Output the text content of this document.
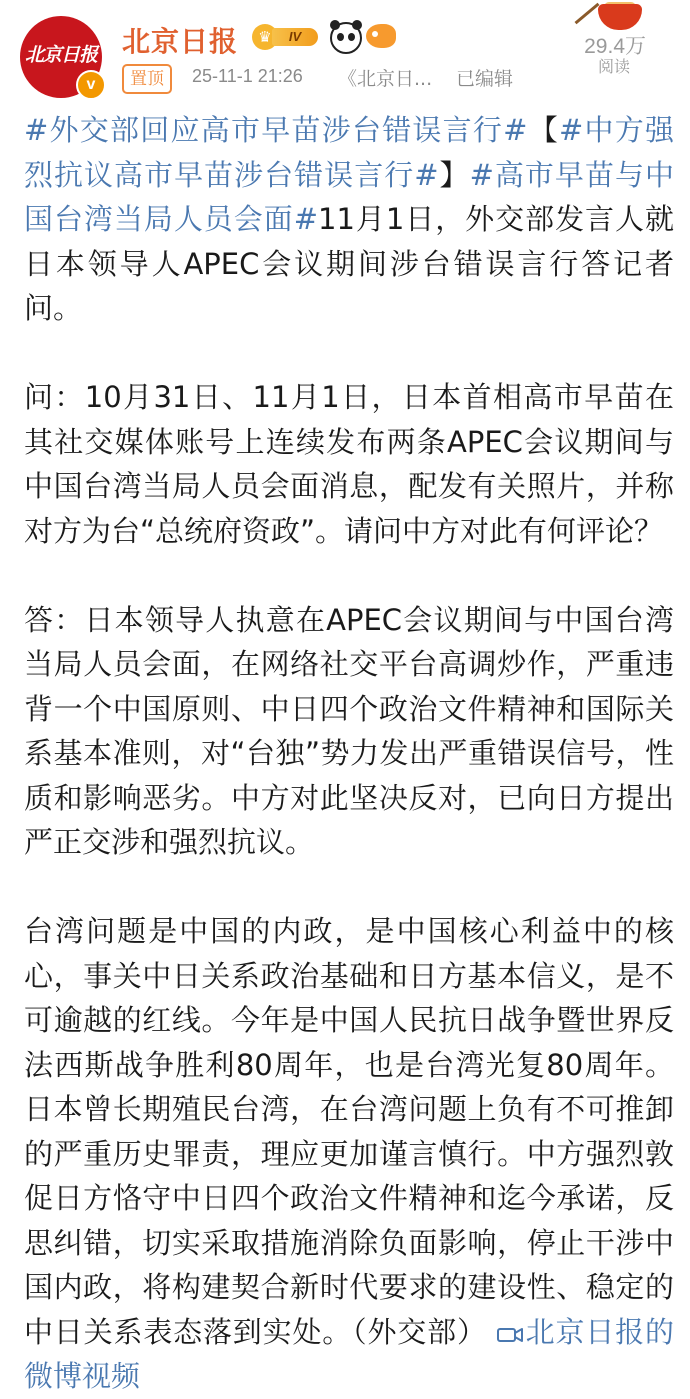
北京日报
v
北京日报	♛	IV
置顶	25-11-1 21:26 《北京日... 已编辑
29.4万
阅读

#外交部回应高市早苗涉台错误言行#【#中方强烈抗议高市早苗涉台错误言行#】#高市早苗与中国台湾当局人员会面#11月1日，外交部发言人就日本领导人APEC会议期间涉台错误言行答记者问。

问：10月31日、11月1日，日本首相高市早苗在其社交媒体账号上连续发布两条APEC会议期间与中国台湾当局人员会面消息，配发有关照片，并称对方为台“总统府资政”。请问中方对此有何评论？

答：日本领导人执意在APEC会议期间与中国台湾当局人员会面，在网络社交平台高调炒作，严重违背一个中国原则、中日四个政治文件精神和国际关系基本准则，对“台独”势力发出严重错误信号，性质和影响恶劣。中方对此坚决反对，已向日方提出严正交涉和强烈抗议。

台湾问题是中国的内政，是中国核心利益中的核心，事关中日关系政治基础和日方基本信义，是不可逾越的红线。今年是中国人民抗日战争暨世界反法西斯战争胜利80周年，也是台湾光复80周年。日本曾长期殖民台湾，在台湾问题上负有不可推卸的严重历史罪责，理应更加谨言慎行。中方强烈敦促日方恪守中日四个政治文件精神和迄今承诺，反思纠错，切实采取措施消除负面影响，停止干涉中国内政，将构建契合新时代要求的建设性、稳定的中日关系表态落到实处。（外交部） 北京日报的微博视频
